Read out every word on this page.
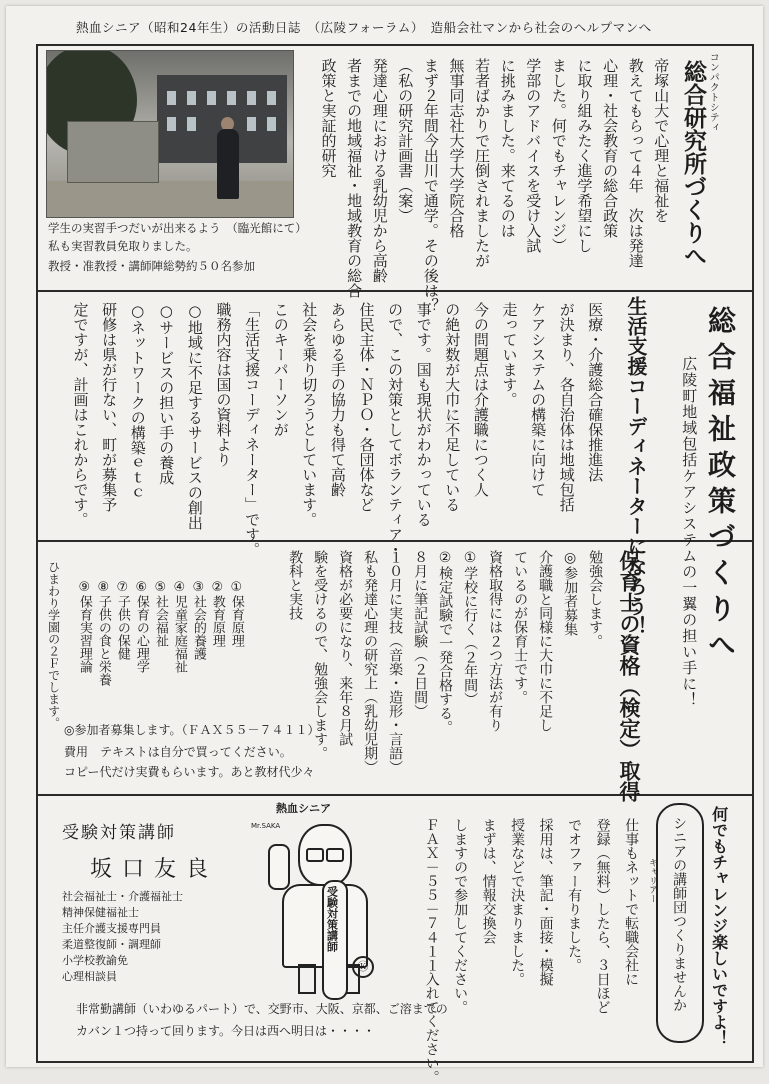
熱血シニア（昭和24年生）の活動日誌　（広陵フォーラム）　造船会社マンから社会のヘルプマンへ
学生の実習手つだいが出来るよう　（臨光館にて）
私も実習教員免取りました。
教授・准教授・講師陣総勢約５０名参加
コンパクトシティ
総合研究所づくりへ
帝塚山大で心理と福祉を
教えてもらって４年　次は発達
心理・社会教育の総合政策
に取り組みたく進学希望にし
ました。何でもチャレンジ）
学部のアドバイスを受け入試
に挑みました。来てるのは
若者ばかりで圧倒されましたが
無事同志社大学大学院合格
まず２年間今出川で通学。その後は？
（私の研究計画書（案）
発達心理における乳幼児から高齢
者までの地域福祉・地域教育の総合
政策と実証的研究
総合福祉政策づくりへ
広陵町地域包括ケアシステムの一翼の担い手に！
生活支援コーディネーターになろう！
医療・介護総合確保推進法
が決まり、各自治体は地域包括
ケアシステムの構築に向けて
走っています。
今の問題点は介護職につく人
の絶対数が大巾に不足している
事です。国も現状がわかっている
ので、この対策としてボランティア・
住民主体・ＮＰＯ・各団体など
あらゆる手の協力も得て高齢
社会を乗り切ろうとしています。
このキーパーソンが
「生活支援コーディネーター」です。
職務内容は国の資料より
○地域に不足するサービスの創出
○サービスの担い手の養成
○ネットワークの構築ｅｔｃ
研修は県が行ない、町が募集予
定ですが、計画はこれからです。
保育士の資格（検定）取得
勉強会します。
◎参加者募集
介護職と同様に大巾に不足し
ているのが保育士です。
資格取得には２つ方法が有り
①学校に行く（２年間）
②検定試験で一発合格する。
８月に筆記試験（２日間）
１０月に実技（音楽・造形・言語）
私も発達心理の研究上（乳幼児期）
資格が必要になり、来年８月試
験を受けるので、勉強会します。
教科と実技
①保育原理
②教育原理
③社会的養護
④児童家庭福祉
⑤社会福祉
⑥保育の心理学
⑦子供の保健
⑧子供の食と栄養
⑨保育実習理論
ひまわり学園の２Ｆでします。
◎参加者募集します。（ＦＡＸ５５－７４１１）
費用　テキストは自分で買ってください。
コピー代だけ実費もらいます。あと教材代少々
受験対策講師
坂口友良
社会福祉士・介護福祉士
精神保健福祉士
主任介護支援専門員
柔道整復師・調理師
小学校教諭免
心理相談員
熱血シニア
Mr.SAKA
受験対策講師
Ⓚ
非常勤講師（いわゆるパート）で、交野市、大阪、京都、ご溶までの
カバン１つ持って回ります。今日は西へ明日は・・・・	何でもチャレンジ楽しいですよ！
シニアの講師団つくりませんか
キャリアー
仕事もネットで転職会社に
登録（無料）したら、３日ほど
でオファー有りました。
採用は、筆記・面接・模擬
授業などで決まりました。
まずは、情報交換会
しますので参加してください。
ＦＡＸ－５５－７４１１入れてください。
